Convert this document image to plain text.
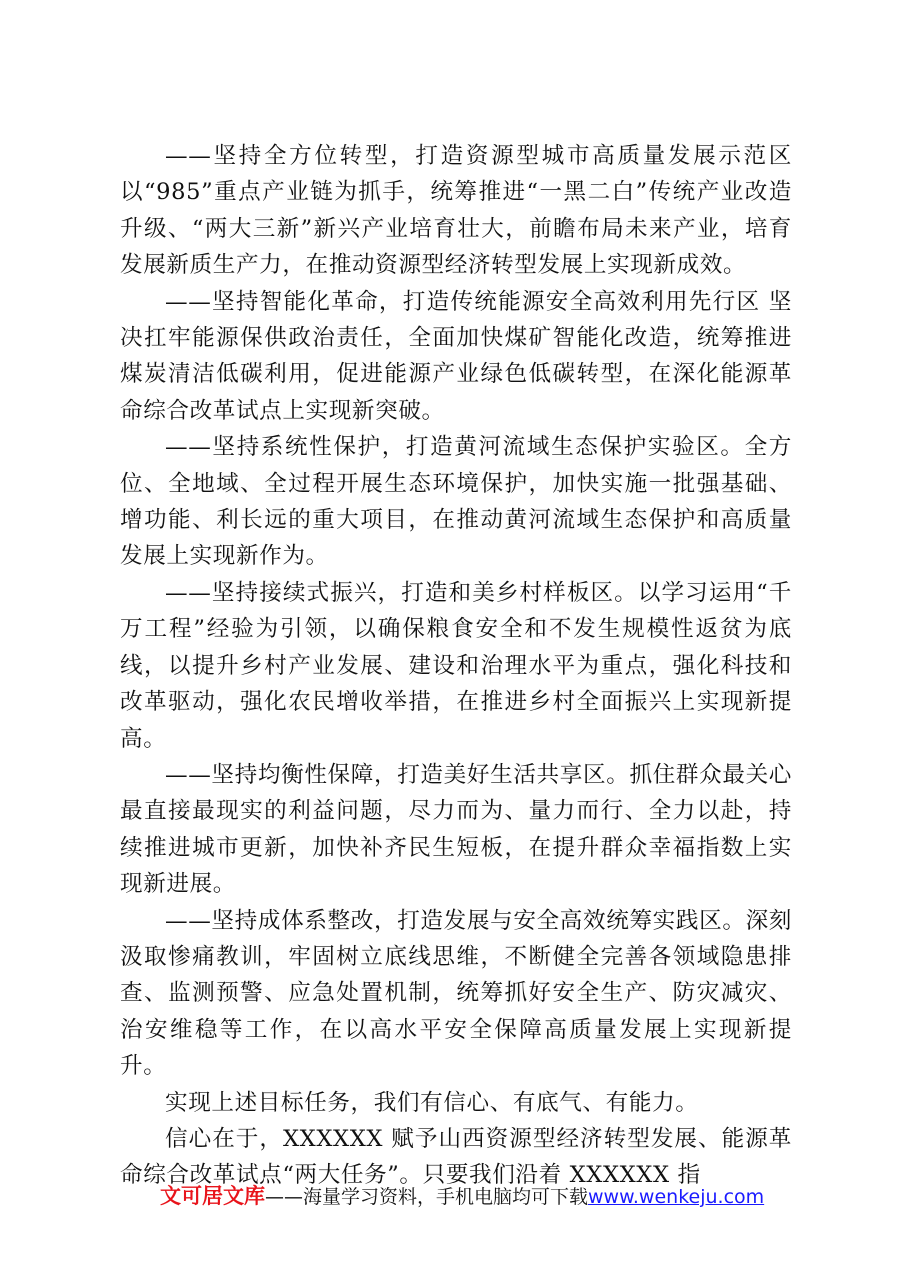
——坚持全方位转型，打造资源型城市高质量发展示范区 以“985”重点产业链为抓手，统筹推进“一黑二白”传统产业改造升级、“两大三新”新兴产业培育壮大，前瞻布局未来产业，培育发展新质生产力，在推动资源型经济转型发展上实现新成效。

——坚持智能化革命，打造传统能源安全高效利用先行区 坚决扛牢能源保供政治责任，全面加快煤矿智能化改造，统筹推进煤炭清洁低碳利用，促进能源产业绿色低碳转型，在深化能源革命综合改革试点上实现新突破。

——坚持系统性保护，打造黄河流域生态保护实验区。全方位、全地域、全过程开展生态环境保护，加快实施一批强基础、增功能、利长远的重大项目，在推动黄河流域生态保护和高质量发展上实现新作为。

——坚持接续式振兴，打造和美乡村样板区。以学习运用“千万工程”经验为引领，以确保粮食安全和不发生规模性返贫为底线，以提升乡村产业发展、建设和治理水平为重点，强化科技和改革驱动，强化农民增收举措，在推进乡村全面振兴上实现新提高。

——坚持均衡性保障，打造美好生活共享区。抓住群众最关心最直接最现实的利益问题，尽力而为、量力而行、全力以赴，持续推进城市更新，加快补齐民生短板，在提升群众幸福指数上实现新进展。

——坚持成体系整改，打造发展与安全高效统筹实践区。深刻汲取惨痛教训，牢固树立底线思维，不断健全完善各领域隐患排查、监测预警、应急处置机制，统筹抓好安全生产、防灾减灾、治安维稳等工作，在以高水平安全保障高质量发展上实现新提升。

实现上述目标任务，我们有信心、有底气、有能力。

信心在于，XXXXXX 赋予山西资源型经济转型发展、能源革命综合改革试点“两大任务”。只要我们沿着 XXXXXX 指

文可居文库——海量学习资料，手机电脑均可下载www.wenkeju.com
